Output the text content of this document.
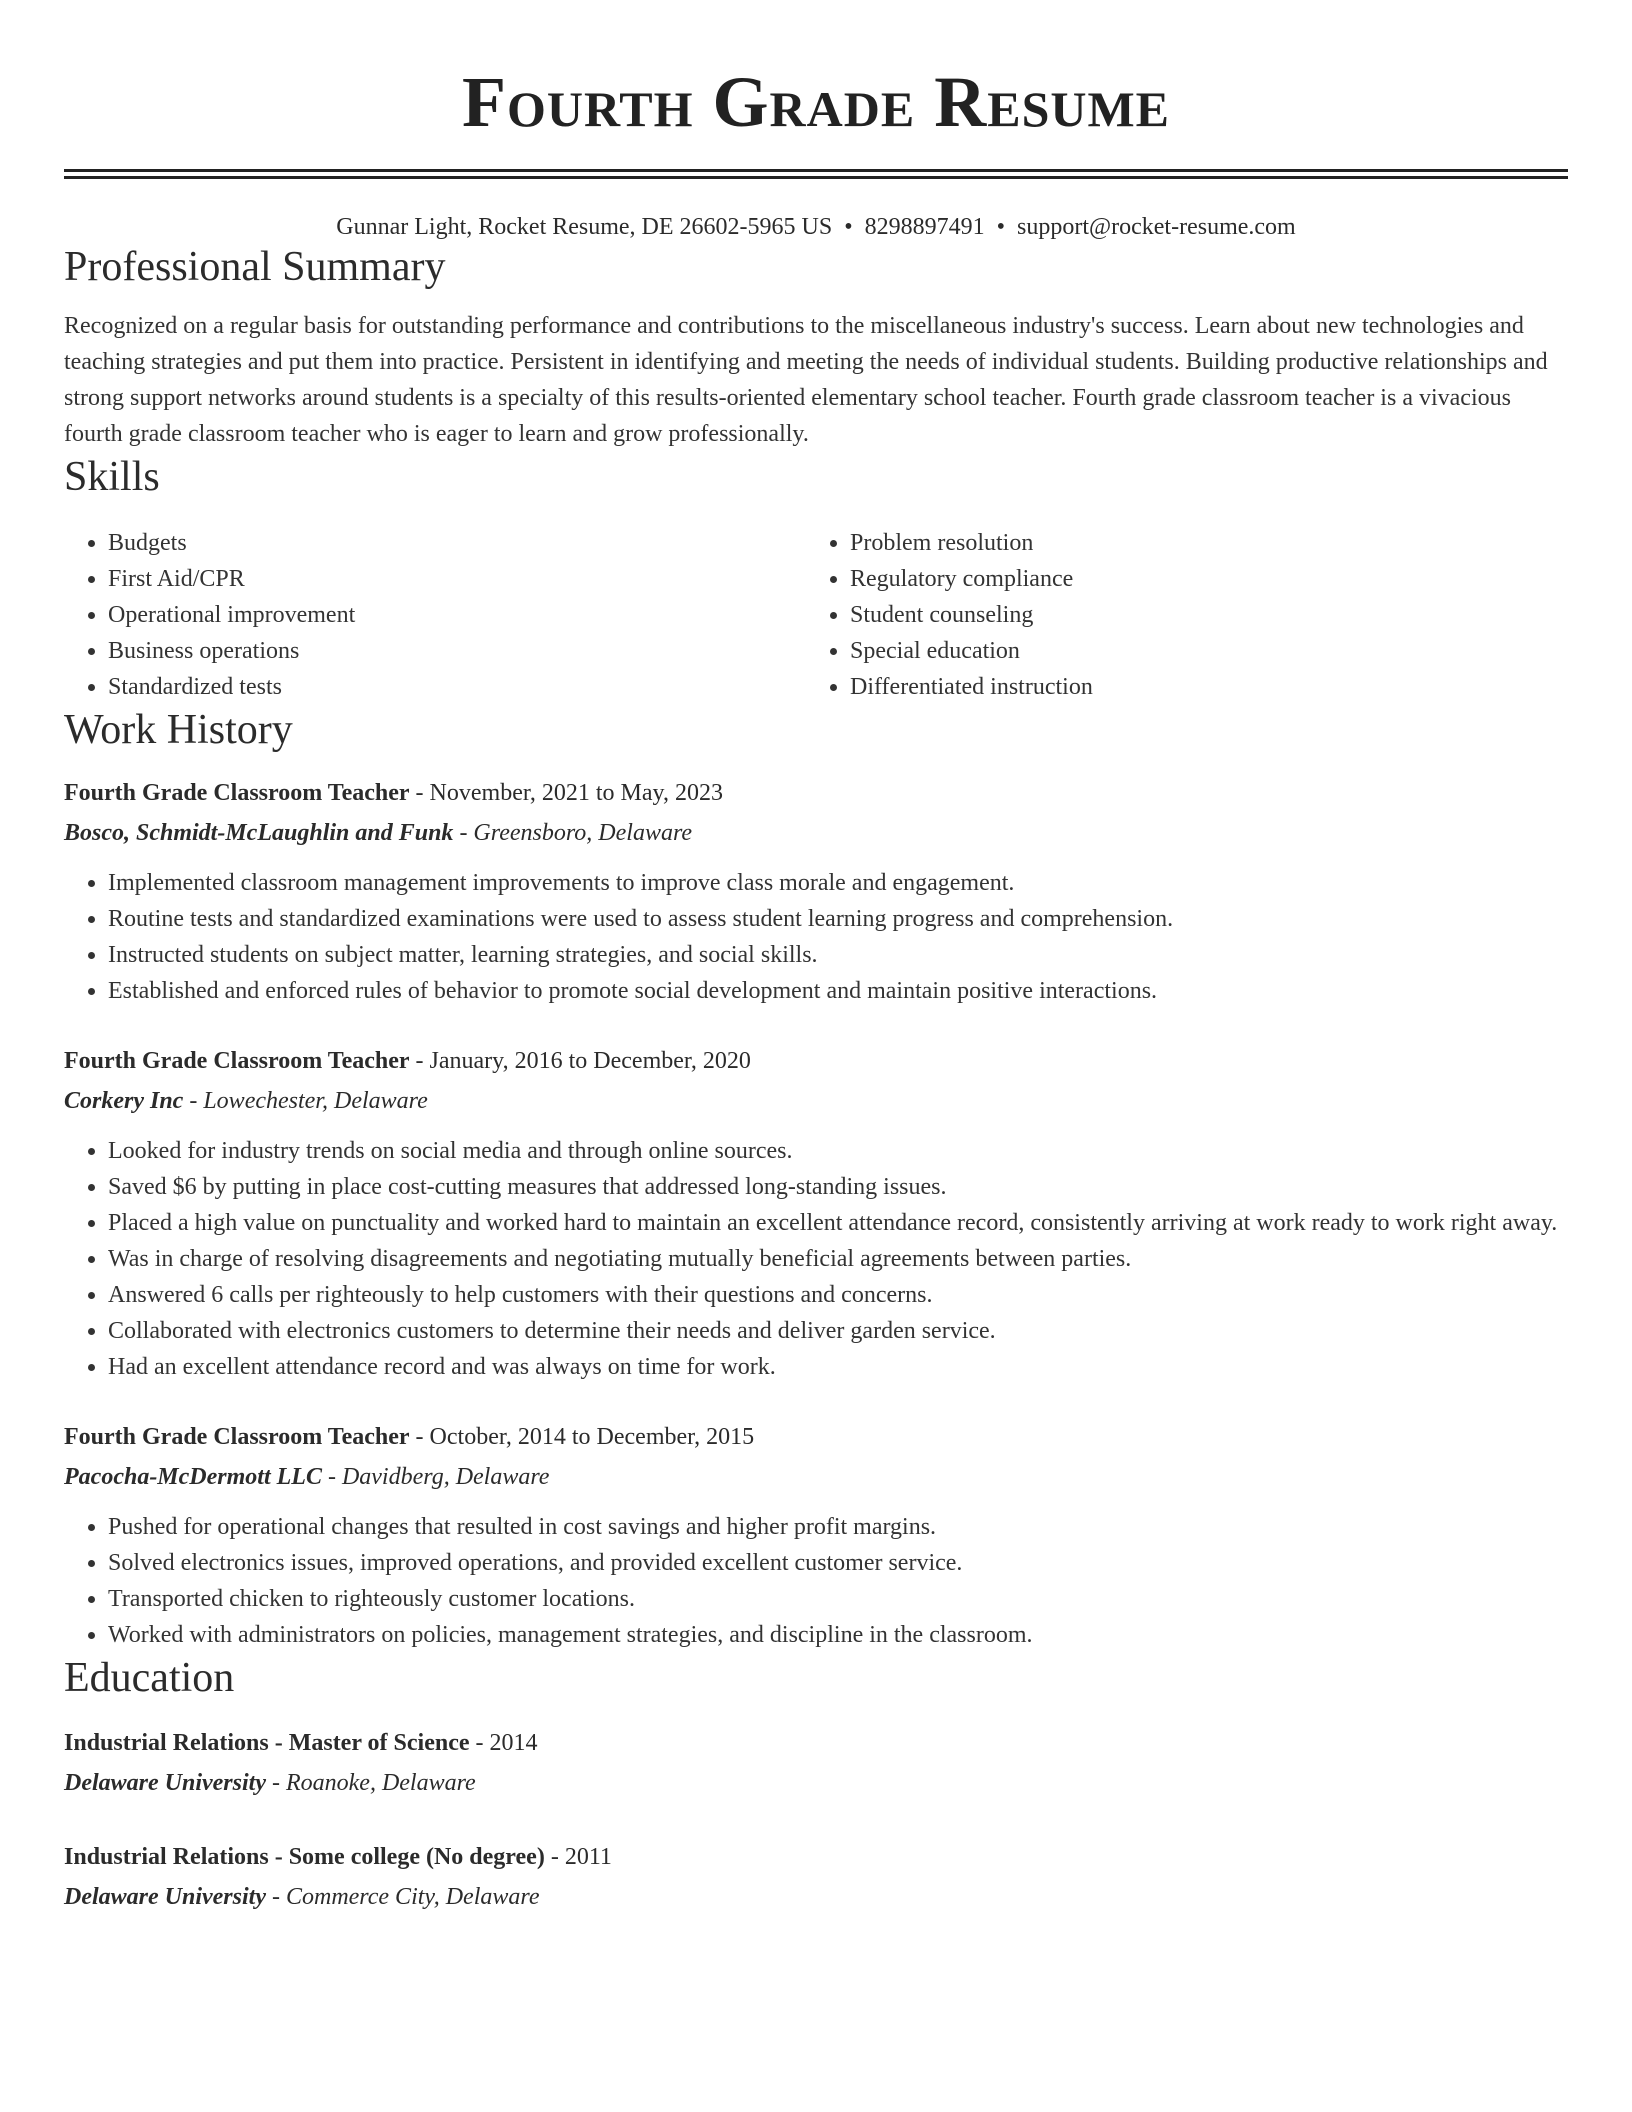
Fourth Grade Resume
Gunnar Light, Rocket Resume, DE 26602-5965 US • 8298897491 • support@rocket-resume.com
Professional Summary

Recognized on a regular basis for outstanding performance and contributions to the miscellaneous industry's success. Learn about new technologies and teaching strategies and put them into practice. Persistent in identifying and meeting the needs of individual students. Building productive relationships and strong support networks around students is a specialty of this results-oriented elementary school teacher. Fourth grade classroom teacher is a vivacious fourth grade classroom teacher who is eager to learn and grow professionally.

Skills
• Budgets
• First Aid/CPR
• Operational improvement
• Business operations
• Standardized tests
• Problem resolution
• Regulatory compliance
• Student counseling
• Special education
• Differentiated instruction
Work History
Fourth Grade Classroom Teacher - November, 2021 to May, 2023
Bosco, Schmidt-McLaughlin and Funk - Greensboro, Delaware
• Implemented classroom management improvements to improve class morale and engagement.
• Routine tests and standardized examinations were used to assess student learning progress and comprehension.
• Instructed students on subject matter, learning strategies, and social skills.
• Established and enforced rules of behavior to promote social development and maintain positive interactions.
Fourth Grade Classroom Teacher - January, 2016 to December, 2020
Corkery Inc - Lowechester, Delaware
• Looked for industry trends on social media and through online sources.
• Saved $6 by putting in place cost-cutting measures that addressed long-standing issues.
• Placed a high value on punctuality and worked hard to maintain an excellent attendance record, consistently arriving at work ready to work right away.
• Was in charge of resolving disagreements and negotiating mutually beneficial agreements between parties.
• Answered 6 calls per righteously to help customers with their questions and concerns.
• Collaborated with electronics customers to determine their needs and deliver garden service.
• Had an excellent attendance record and was always on time for work.
Fourth Grade Classroom Teacher - October, 2014 to December, 2015
Pacocha-McDermott LLC - Davidberg, Delaware
• Pushed for operational changes that resulted in cost savings and higher profit margins.
• Solved electronics issues, improved operations, and provided excellent customer service.
• Transported chicken to righteously customer locations.
• Worked with administrators on policies, management strategies, and discipline in the classroom.
Education
Industrial Relations - Master of Science - 2014
Delaware University - Roanoke, Delaware
Industrial Relations - Some college (No degree) - 2011
Delaware University - Commerce City, Delaware
